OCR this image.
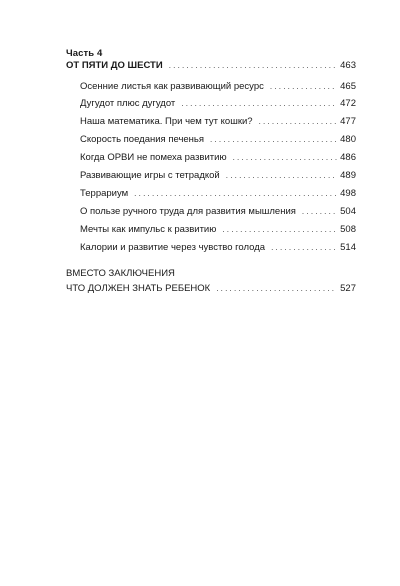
Часть 4
ОТ ПЯТИ ДО ШЕСТИ . . .	463
Осенние листья как развивающий ресурс . . .	465
Дугудот плюс дугудот . . .	472
Наша математика. При чем тут кошки? . . .	477
Скорость поедания печенья . . .	480
Когда ОРВИ не помеха развитию . . .	486
Развивающие игры с тетрадкой . . .	489
Террариум . . .	498
О пользе ручного труда для развития мышления . . .	504
Мечты как импульс к развитию . . .	508
Калории и развитие через чувство голода . . .	514
ВМЕСТО ЗАКЛЮЧЕНИЯ
ЧТО ДОЛЖЕН ЗНАТЬ РЕБЕНОК . . .	527
